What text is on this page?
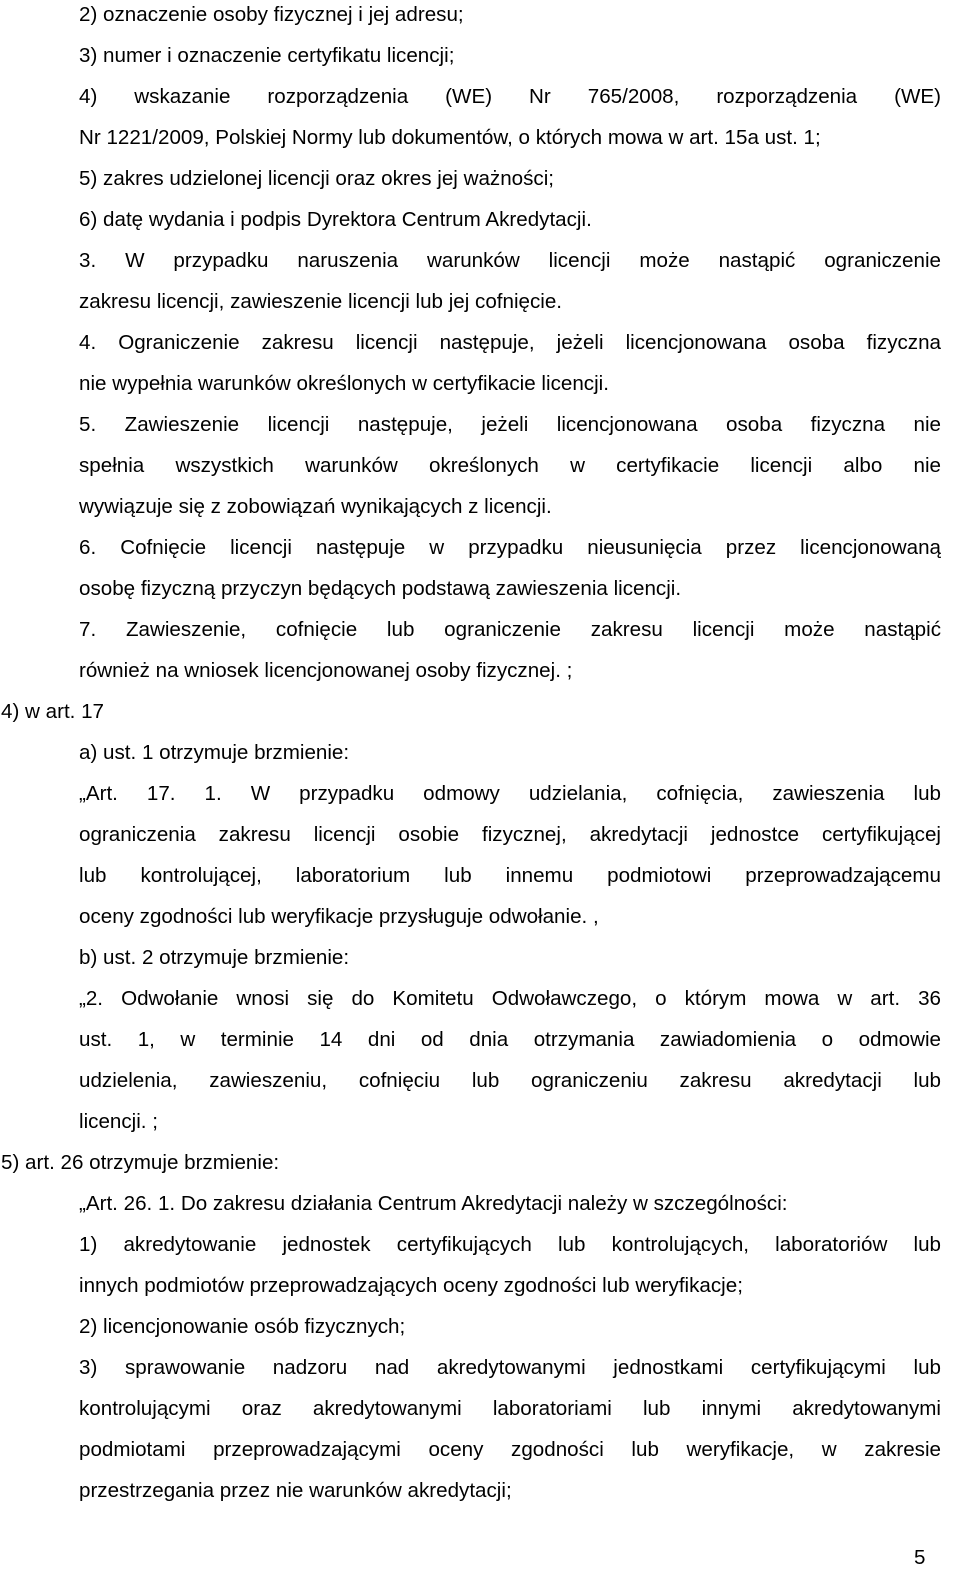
2) oznaczenie osoby fizycznej i jej adresu;
3) numer i oznaczenie certyfikatu licencji;
4) wskazanie rozporządzenia (WE) Nr 765/2008, rozporządzenia (WE)
Nr 1221/2009, Polskiej Normy lub dokumentów, o których mowa w art. 15a ust. 1;
5) zakres udzielonej licencji oraz okres jej ważności;
6) datę wydania i podpis Dyrektora Centrum Akredytacji.
3. W przypadku naruszenia warunków licencji może nastąpić ograniczenie
zakresu licencji, zawieszenie licencji lub jej cofnięcie.
4. Ograniczenie zakresu licencji następuje, jeżeli licencjonowana osoba fizyczna
nie wypełnia warunków określonych w certyfikacie licencji.
5. Zawieszenie licencji następuje, jeżeli licencjonowana osoba fizyczna nie
spełnia wszystkich warunków określonych w certyfikacie licencji albo nie
wywiązuje się z zobowiązań wynikających z licencji.
6. Cofnięcie licencji następuje w przypadku nieusunięcia przez licencjonowaną
osobę fizyczną przyczyn będących podstawą zawieszenia licencji.
7. Zawieszenie, cofnięcie lub ograniczenie zakresu licencji może nastąpić
również na wniosek licencjonowanej osoby fizycznej. ;
4) w art. 17
a) ust. 1 otrzymuje brzmienie:
„Art. 17. 1. W przypadku odmowy udzielania, cofnięcia, zawieszenia lub
ograniczenia zakresu licencji osobie fizycznej, akredytacji jednostce certyfikującej
lub kontrolującej, laboratorium lub innemu podmiotowi przeprowadzającemu
oceny zgodności lub weryfikacje przysługuje odwołanie. ,
b) ust. 2 otrzymuje brzmienie:
„2. Odwołanie wnosi się do Komitetu Odwoławczego, o którym mowa w art. 36
ust. 1, w terminie 14 dni od dnia otrzymania zawiadomienia o odmowie
udzielenia, zawieszeniu, cofnięciu lub ograniczeniu zakresu akredytacji lub
licencji. ;
5) art. 26 otrzymuje brzmienie:
„Art. 26. 1. Do zakresu działania Centrum Akredytacji należy w szczególności:
1) akredytowanie jednostek certyfikujących lub kontrolujących, laboratoriów lub
innych podmiotów przeprowadzających oceny zgodności lub weryfikacje;
2) licencjonowanie osób fizycznych;
3) sprawowanie nadzoru nad akredytowanymi jednostkami certyfikującymi lub
kontrolującymi oraz akredytowanymi laboratoriami lub innymi akredytowanymi
podmiotami przeprowadzającymi oceny zgodności lub weryfikacje, w zakresie
przestrzegania przez nie warunków akredytacji;
5
